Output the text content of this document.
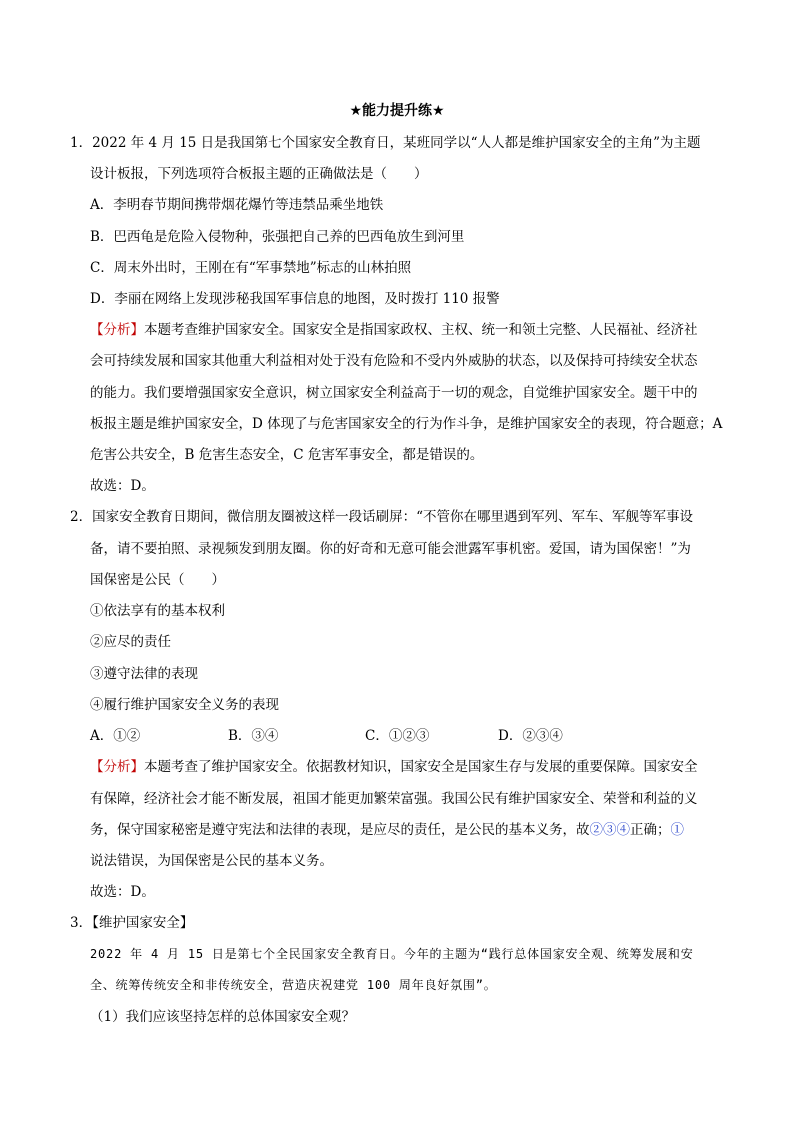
★能力提升练★
1．2022 年 4 月 15 日是我国第七个国家安全教育日，某班同学以“人人都是维护国家安全的主角”为主题
设计板报，下列选项符合板报主题的正确做法是（　　）
A．李明春节期间携带烟花爆竹等违禁品乘坐地铁
B．巴西龟是危险入侵物种，张强把自己养的巴西龟放生到河里
C．周末外出时，王刚在有“军事禁地”标志的山林拍照
D．李丽在网络上发现涉秘我国军事信息的地图，及时拨打 110 报警
【分析】本题考查维护国家安全。国家安全是指国家政权、主权、统一和领土完整、人民福祉、经济社
会可持续发展和国家其他重大利益相对处于没有危险和不受内外威胁的状态，以及保持可持续安全状态
的能力。我们要增强国家安全意识，树立国家安全利益高于一切的观念，自觉维护国家安全。题干中的
板报主题是维护国家安全，D 体现了与危害国家安全的行为作斗争，是维护国家安全的表现，符合题意；A
危害公共安全，B 危害生态安全，C 危害军事安全，都是错误的。
故选：D。
2．国家安全教育日期间，微信朋友圈被这样一段话刷屏：“不管你在哪里遇到军列、军车、军舰等军事设
备，请不要拍照、录视频发到朋友圈。你的好奇和无意可能会泄露军事机密。爱国，请为国保密！”为
国保密是公民（　　）
①依法享有的基本权利
②应尽的责任
③遵守法律的表现
④履行维护国家安全义务的表现
A．①②	B．③④	C．①②③	D．②③④
【分析】本题考查了维护国家安全。依据教材知识，国家安全是国家生存与发展的重要保障。国家安全
有保障，经济社会才能不断发展，祖国才能更加繁荣富强。我国公民有维护国家安全、荣誉和利益的义
务，保守国家秘密是遵守宪法和法律的表现，是应尽的责任，是公民的基本义务，故②③④正确；①
说法错误，为国保密是公民的基本义务。
故选：D。
3．【维护国家安全】
2022 年 4 月 15 日是第七个全民国家安全教育日。今年的主题为“践行总体国家安全观、统筹发展和安
全、统筹传统安全和非传统安全，营造庆祝建党 100 周年良好氛围”。
（1）我们应该坚持怎样的总体国家安全观？
